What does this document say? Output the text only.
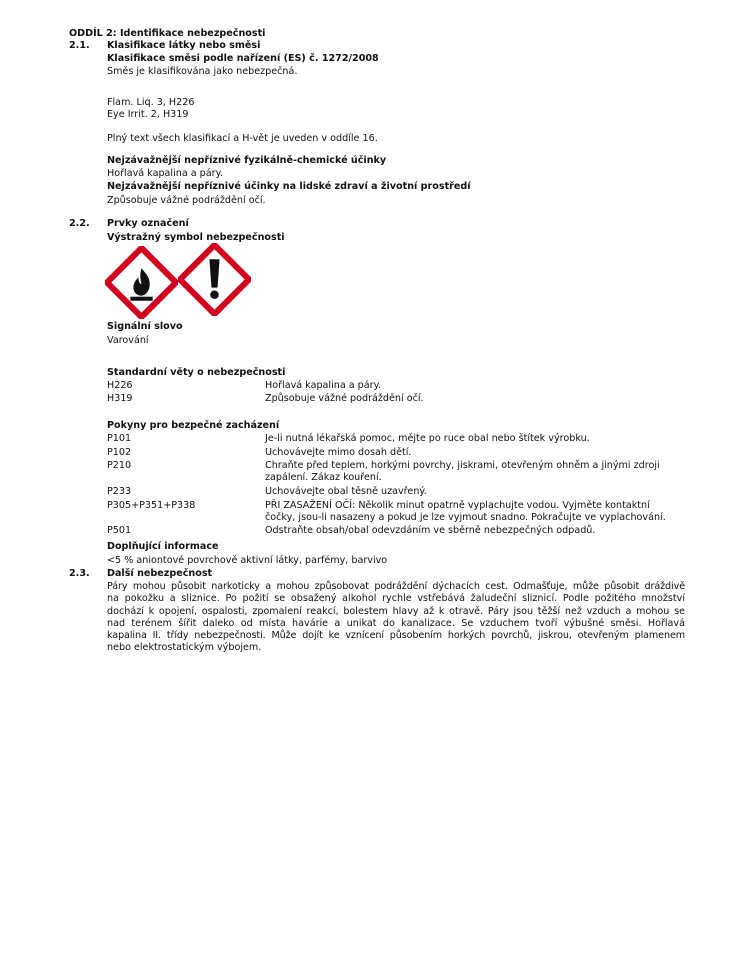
ODDÍL 2: Identifikace nebezpečnosti
2.1. Klasifikace látky nebo směsi
Klasifikace směsi podle nařízení (ES) č. 1272/2008
Směs je klasifikována jako nebezpečná.
Flam. Liq. 3, H226
Eye Irrit. 2, H319
Plný text všech klasifikací a H-vět je uveden v oddíle 16.
Nejzávažnější nepříznivé fyzikálně-chemické účinky
Hořlavá kapalina a páry.
Nejzávažnější nepříznivé účinky na lidské zdraví a životní prostředí
Způsobuje vážné podráždění očí.
2.2. Prvky označení
Výstražný symbol nebezpečnosti
Signální slovo
Varování
Standardní věty o nebezpečnosti
H226	Hořlavá kapalina a páry.
H319	Způsobuje vážné podráždění očí.
Pokyny pro bezpečné zacházení
P101	Je-li nutná lékařská pomoc, mějte po ruce obal nebo štítek výrobku.
P102	Uchovávejte mimo dosah dětí.
P210	Chraňte před teplem, horkými povrchy, jiskrami, otevřeným ohněm a jinými zdroji
zapálení. Zákaz kouření.
P233	Uchovávejte obal těsně uzavřený.
P305+P351+P338	PŘI ZASAŽENÍ OČÍ: Několik minut opatrně vyplachujte vodou. Vyjměte kontaktní
čočky, jsou-li nasazeny a pokud je lze vyjmout snadno. Pokračujte ve vyplachování.
P501	Odstraňte obsah/obal odevzdáním ve sběrně nebezpečných odpadů.
Doplňující informace
<5 % aniontové povrchově aktivní látky, parfémy, barvivo
2.3. Další nebezpečnost
Páry mohou působit narkoticky a mohou způsobovat podráždění dýchacích cest. Odmašťuje, může působit dráždivě
na pokožku a sliznice. Po požití se obsažený alkohol rychle vstřebává žaludeční sliznicí. Podle požitého množství
dochází k opojení, ospalosti, zpomalení reakcí, bolestem hlavy až k otravě. Páry jsou těžší než vzduch a mohou se
nad terénem šířit daleko od místa havárie a unikat do kanalizace. Se vzduchem tvoří výbušné směsi. Hořlavá
kapalina II. třídy nebezpečnosti. Může dojít ke vznícení působením horkých povrchů, jiskrou, otevřeným plamenem
nebo elektrostatickým výbojem.
